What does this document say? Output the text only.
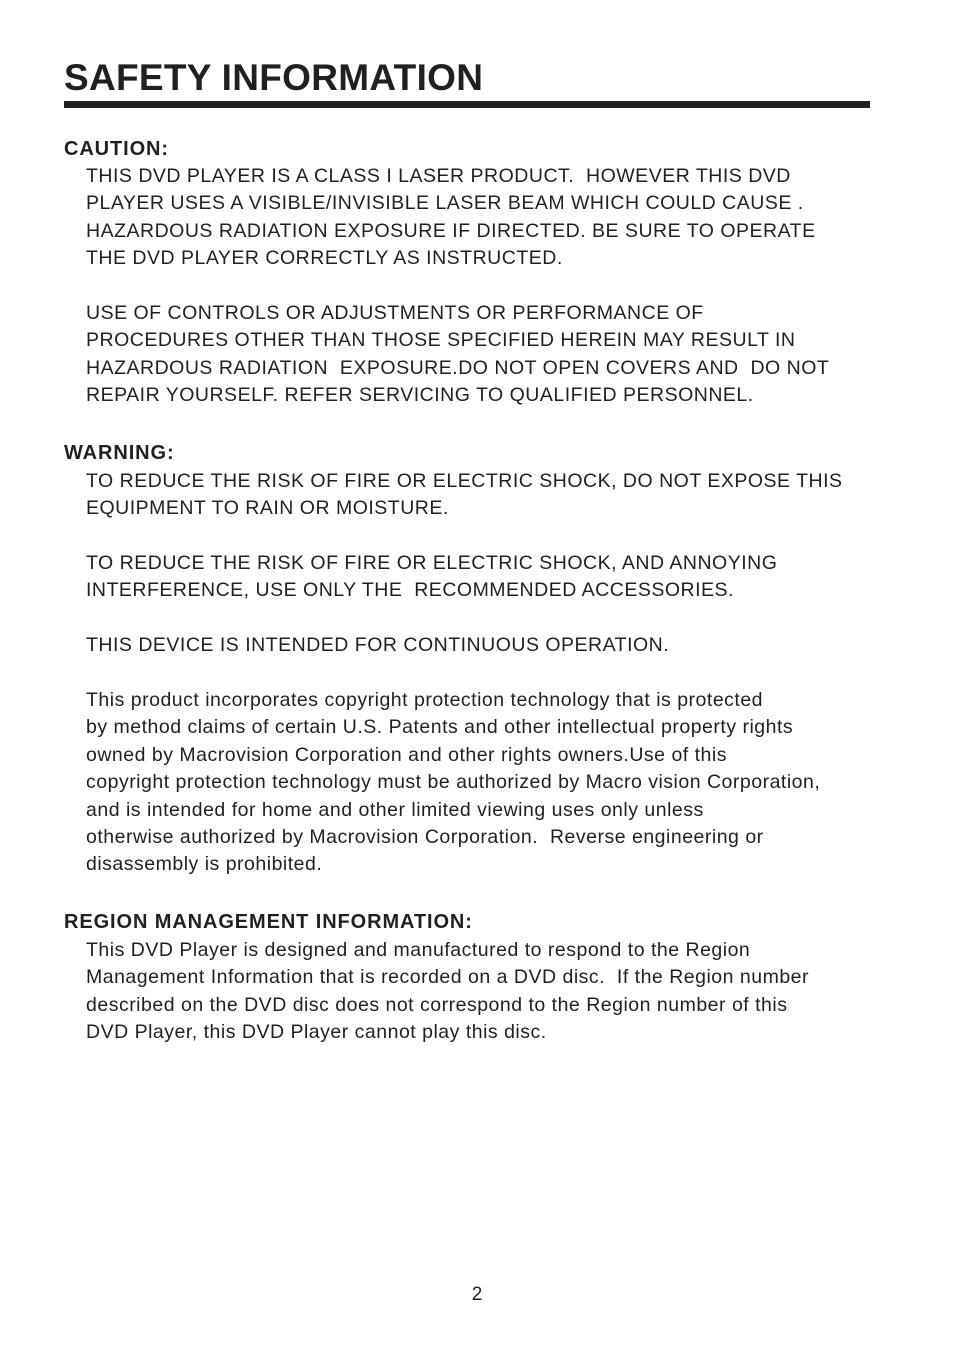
SAFETY INFORMATION
CAUTION:
THIS DVD PLAYER IS A CLASS I LASER PRODUCT.  HOWEVER THIS DVD
PLAYER USES A VISIBLE/INVISIBLE LASER BEAM WHICH COULD CAUSE .
HAZARDOUS RADIATION EXPOSURE IF DIRECTED. BE SURE TO OPERATE
THE DVD PLAYER CORRECTLY AS INSTRUCTED.
USE OF CONTROLS OR ADJUSTMENTS OR PERFORMANCE OF
PROCEDURES OTHER THAN THOSE SPECIFIED HEREIN MAY RESULT IN
HAZARDOUS RADIATION  EXPOSURE.DO NOT OPEN COVERS AND  DO NOT
REPAIR YOURSELF. REFER SERVICING TO QUALIFIED PERSONNEL.
WARNING:
TO REDUCE THE RISK OF FIRE OR ELECTRIC SHOCK, DO NOT EXPOSE THIS
EQUIPMENT TO RAIN OR MOISTURE.
TO REDUCE THE RISK OF FIRE OR ELECTRIC SHOCK, AND ANNOYING
INTERFERENCE, USE ONLY THE  RECOMMENDED ACCESSORIES.
THIS DEVICE IS INTENDED FOR CONTINUOUS OPERATION.
This product incorporates copyright protection technology that is protected
by method claims of certain U.S. Patents and other intellectual property rights
owned by Macrovision Corporation and other rights owners.Use of this
copyright protection technology must be authorized by Macro vision Corporation,
and is intended for home and other limited viewing uses only unless
otherwise authorized by Macrovision Corporation.  Reverse engineering or
disassembly is prohibited.
REGION MANAGEMENT INFORMATION:
This DVD Player is designed and manufactured to respond to the Region
Management Information that is recorded on a DVD disc.  If the Region number
described on the DVD disc does not correspond to the Region number of this
DVD Player, this DVD Player cannot play this disc.
2
